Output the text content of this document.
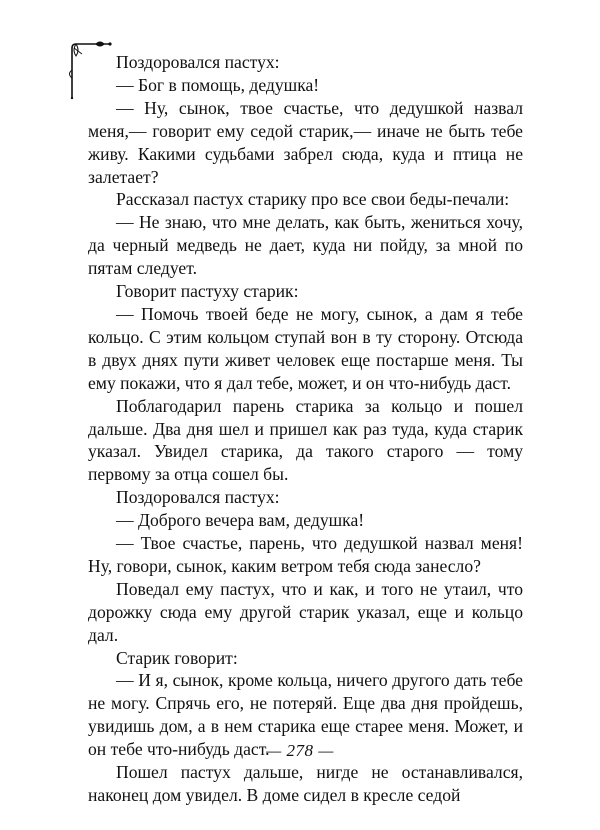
Поздоровался пастух:

— Бог в помощь, дедушка!

— Ну, сынок, твое счастье, что дедушкой назвал меня,— говорит ему седой старик,— иначе не быть тебе живу. Какими судьбами забрел сюда, куда и птица не залетает?

Рассказал пастух старику про все свои беды-печали:

— Не знаю, что мне делать, как быть, жениться хочу, да черный медведь не дает, куда ни пойду, за мной по пятам следует.

Говорит пастуху старик:

— Помочь твоей беде не могу, сынок, а дам я тебе кольцо. С этим кольцом ступай вон в ту сторону. Отсюда в двух днях пути живет человек еще постарше меня. Ты ему покажи, что я дал тебе, может, и он что-нибудь даст.

Поблагодарил парень старика за кольцо и пошел дальше. Два дня шел и пришел как раз туда, куда старик указал. Увидел старика, да такого старого — тому первому за отца сошел бы.

Поздоровался пастух:

— Доброго вечера вам, дедушка!

— Твое счастье, парень, что дедушкой назвал меня! Ну, говори, сынок, каким ветром тебя сюда занесло?

Поведал ему пастух, что и как, и того не утаил, что дорожку сюда ему другой старик указал, еще и кольцо дал.

Старик говорит:

— И я, сынок, кроме кольца, ничего другого дать тебе не могу. Спрячь его, не потеряй. Еще два дня пройдешь, увидишь дом, а в нем старика еще старее меня. Может, и он тебе что-нибудь даст.

Пошел пастух дальше, нигде не останавливался, наконец дом увидел. В доме сидел в кресле седой

— 278 —
